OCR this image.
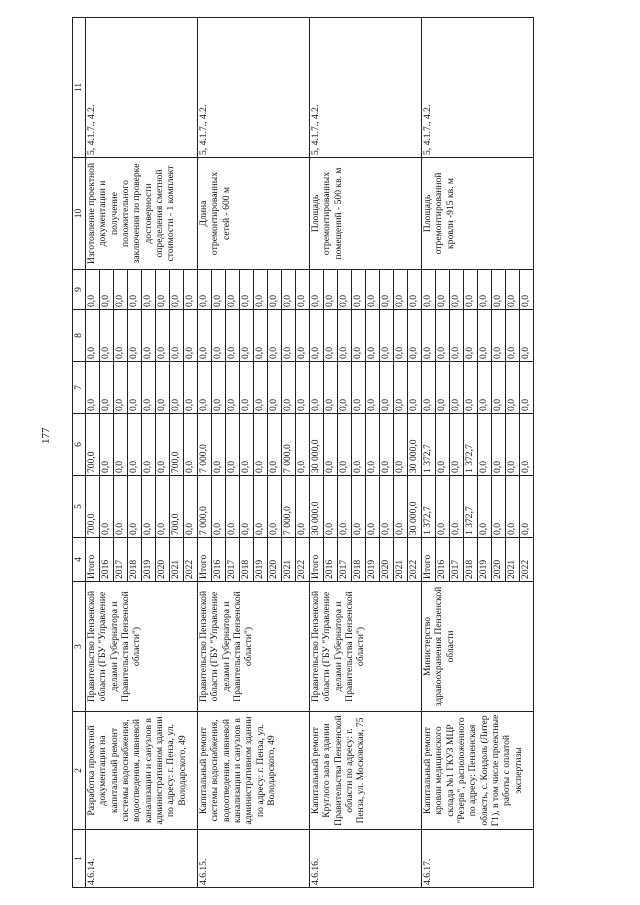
177
1	2	3	4	5	6	7	8	9	10	11
4.6.14.	Разработка проектной документации на капитальный ремонт системы водоснабжения, водоотведения, ливневой канализации и санузлов в административном здании по адресу: г. Пенза, ул. Володарского, 49	Правительство Пензенской области (ГБУ "Управление делами Губернатора и Правительства Пензенской области")	Итого	700,0	700,0	0,0	0,0	0,0	Изготовление проектной документации и получение положительного заключения по проверке достоверности определения сметной стоимости - 1 комплект	5, 4.1.7., 4.2.
			2016	0,0	0,0	0,0	0,0	0,0		
			2017	0,0	0,0	0,0	0,0	0,0		
			2018	0,0	0,0	0,0	0,0	0,0		
			2019	0,0	0,0	0,0	0,0	0,0		
			2020	0,0	0,0	0,0	0,0	0,0		
			2021	700,0	700,0	0,0	0,0	0,0		
			2022	0,0	0,0	0,0	0,0	0,0		
4.6.15.	Капитальный ремонт системы водоснабжения, водоотведения, ливневой канализации и санузлов в административном здании по адресу: г. Пенза, ул. Володарского, 49	Правительство Пензенской области (ГБУ "Управление делами Губернатора и Правительства Пензенской области")	Итого	7 000,0	7 000,0	0,0	0,0	0,0	Длина отремонтированных сетей - 600 м	5, 4.1.7., 4.2.
			2016	0,0	0,0	0,0	0,0	0,0		
			2017	0,0	0,0	0,0	0,0	0,0		
			2018	0,0	0,0	0,0	0,0	0,0		
			2019	0,0	0,0	0,0	0,0	0,0		
			2020	0,0	0,0	0,0	0,0	0,0		
			2021	7 000,0	7 000,0	0,0	0,0	0,0		
			2022	0,0	0,0	0,0	0,0	0,0		
4.6.16.	Капитальный ремонт Круглого зала в здании Правительства Пензенской области по адресу: г. Пенза, ул. Московская, 75	Правительство Пензенской области (ГБУ "Управление делами Губернатора и Правительства Пензенской области")	Итого	30 000,0	30 000,0	0,0	0,0	0,0	Площадь отремонтированных помещений - 500 кв. м	5, 4.1.7., 4.2.
			2016	0,0	0,0	0,0	0,0	0,0		
			2017	0,0	0,0	0,0	0,0	0,0		
			2018	0,0	0,0	0,0	0,0	0,0		
			2019	0,0	0,0	0,0	0,0	0,0		
			2020	0,0	0,0	0,0	0,0	0,0		
			2021	0,0	0,0	0,0	0,0	0,0		
			2022	30 000,0	30 000,0	0,0	0,0	0,0		
4.6.17.	Капитальный ремонт кровли медицинского склада №1 ГКУЗ МЦР "Резерв", расположенного по адресу: Пензенская область, с. Кондоль (Литер Г1), в том числе проектные работы с оплатой экспертизы	Министерство здравоохранения Пензенской области	Итого	1 372,7	1 372,7	0,0	0,0	0,0	Площадь отремонтированной кровли -915 кв. м	5, 4.1.7., 4.2.
			2016	0,0	0,0	0,0	0,0	0,0		
			2017	0,0	0,0	0,0	0,0	0,0		
			2018	1 372,7	1 372,7	0,0	0,0	0,0		
			2019	0,0	0,0	0,0	0,0	0,0		
			2020	0,0	0,0	0,0	0,0	0,0		
			2021	0,0	0,0	0,0	0,0	0,0		
			2022	0,0	0,0	0,0	0,0	0,0		
